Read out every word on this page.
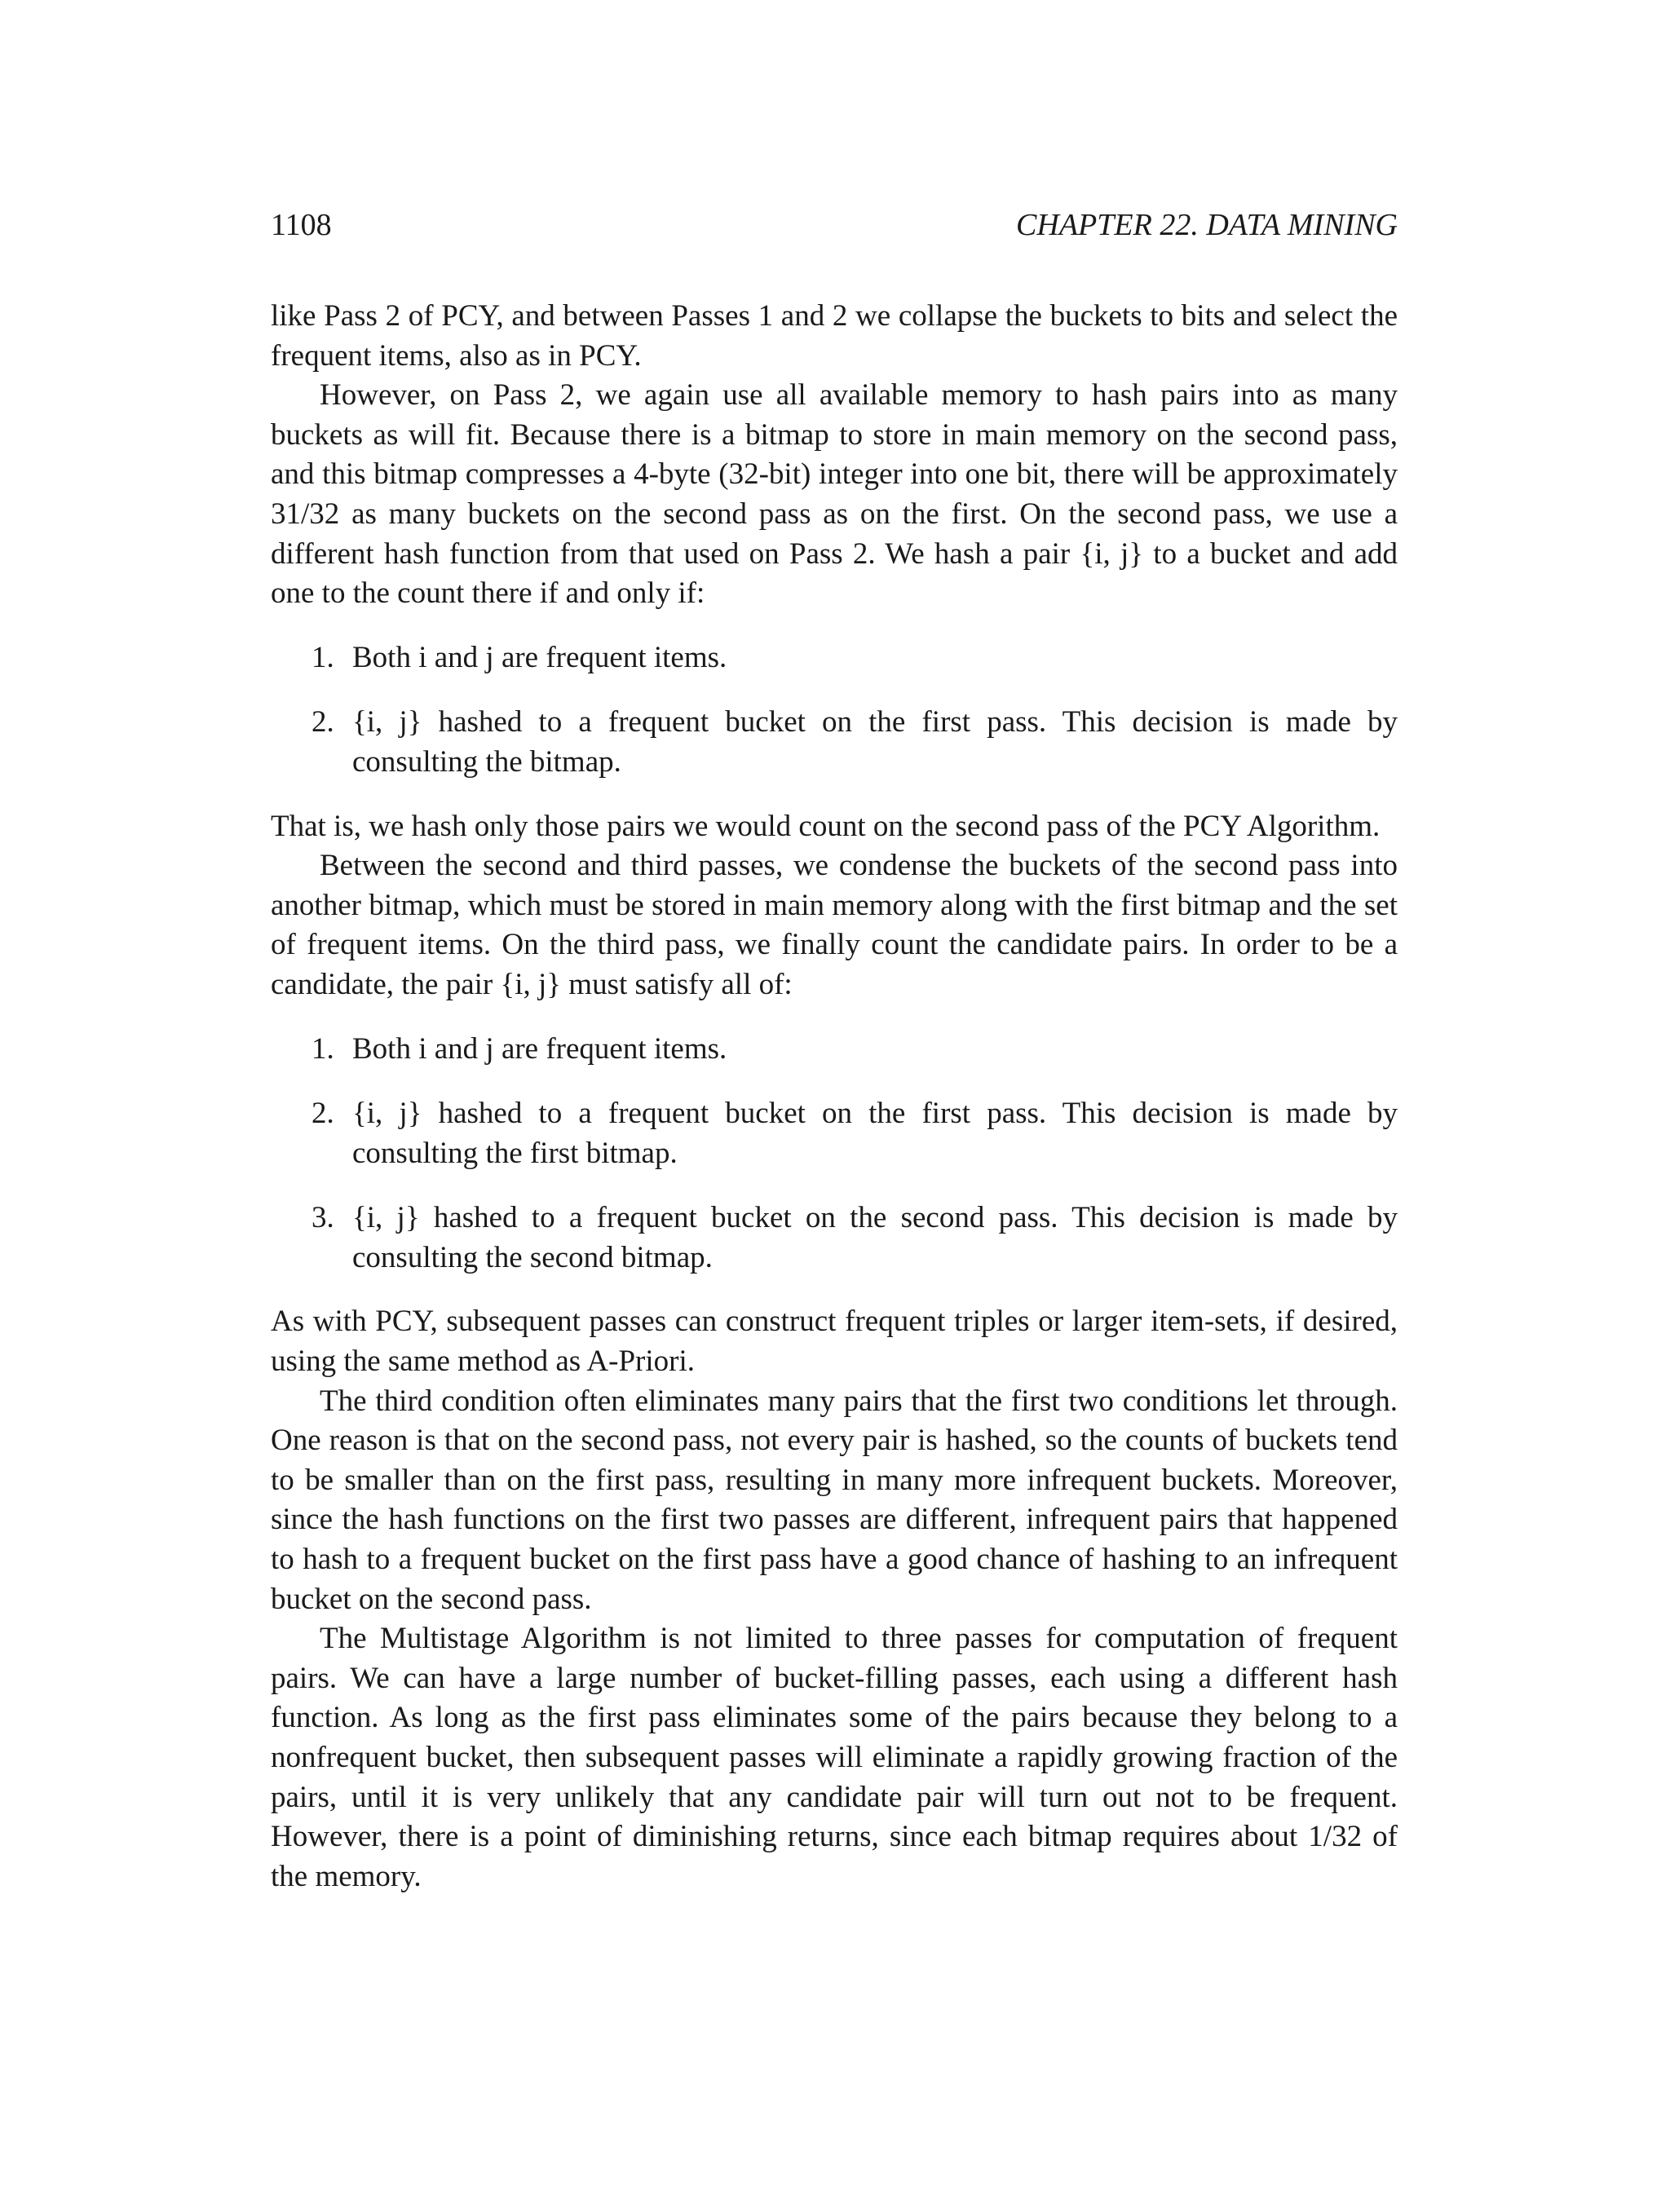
1108	CHAPTER 22. DATA MINING

like Pass 2 of PCY, and between Passes 1 and 2 we collapse the buckets to bits and select the frequent items, also as in PCY.

However, on Pass 2, we again use all available memory to hash pairs into as many buckets as will fit. Because there is a bitmap to store in main memory on the second pass, and this bitmap compresses a 4-byte (32-bit) integer into one bit, there will be approximately 31/32 as many buckets on the second pass as on the first. On the second pass, we use a different hash function from that used on Pass 2. We hash a pair {i, j} to a bucket and add one to the count there if and only if:

1. Both i and j are frequent items.
2. {i, j} hashed to a frequent bucket on the first pass. This decision is made by consulting the bitmap.

That is, we hash only those pairs we would count on the second pass of the PCY Algorithm.

Between the second and third passes, we condense the buckets of the second pass into another bitmap, which must be stored in main memory along with the first bitmap and the set of frequent items. On the third pass, we finally count the candidate pairs. In order to be a candidate, the pair {i, j} must satisfy all of:

1. Both i and j are frequent items.
2. {i, j} hashed to a frequent bucket on the first pass. This decision is made by consulting the first bitmap.
3. {i, j} hashed to a frequent bucket on the second pass. This decision is made by consulting the second bitmap.

As with PCY, subsequent passes can construct frequent triples or larger item-sets, if desired, using the same method as A-Priori.

The third condition often eliminates many pairs that the first two conditions let through. One reason is that on the second pass, not every pair is hashed, so the counts of buckets tend to be smaller than on the first pass, resulting in many more infrequent buckets. Moreover, since the hash functions on the first two passes are different, infrequent pairs that happened to hash to a frequent bucket on the first pass have a good chance of hashing to an infrequent bucket on the second pass.

The Multistage Algorithm is not limited to three passes for computation of frequent pairs. We can have a large number of bucket-filling passes, each using a different hash function. As long as the first pass eliminates some of the pairs because they belong to a nonfrequent bucket, then subsequent passes will eliminate a rapidly growing fraction of the pairs, until it is very unlikely that any candidate pair will turn out not to be frequent. However, there is a point of diminishing returns, since each bitmap requires about 1/32 of the memory.
